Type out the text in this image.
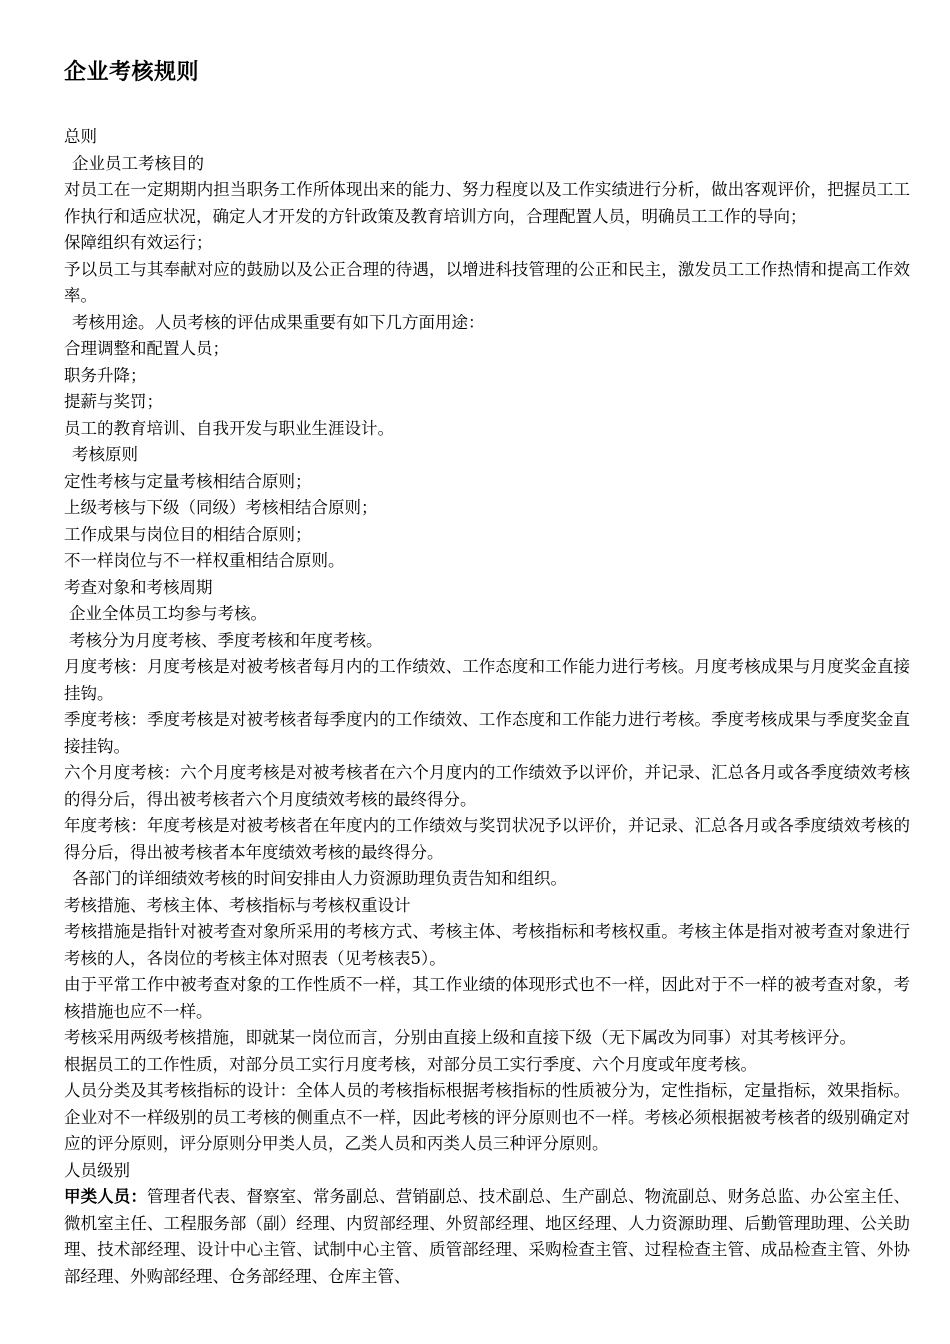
企业考核规则

总则

企业员工考核目的

对员工在一定期期内担当职务工作所体现出来的能力、努力程度以及工作实绩进行分析，做出客观评价，把握员工工作执行和适应状况，确定人才开发的方针政策及教育培训方向，合理配置人员，明确员工工作的导向；

保障组织有效运行；

予以员工与其奉献对应的鼓励以及公正合理的待遇，以增进科技管理的公正和民主，激发员工工作热情和提高工作效率。

考核用途。人员考核的评估成果重要有如下几方面用途：

合理调整和配置人员；

职务升降；

提薪与奖罚；

员工的教育培训、自我开发与职业生涯设计。

考核原则

定性考核与定量考核相结合原则；

上级考核与下级（同级）考核相结合原则；

工作成果与岗位目的相结合原则；

不一样岗位与不一样权重相结合原则。

考查对象和考核周期

企业全体员工均参与考核。

考核分为月度考核、季度考核和年度考核。

月度考核：月度考核是对被考核者每月内的工作绩效、工作态度和工作能力进行考核。月度考核成果与月度奖金直接挂钩。

季度考核：季度考核是对被考核者每季度内的工作绩效、工作态度和工作能力进行考核。季度考核成果与季度奖金直接挂钩。

六个月度考核：六个月度考核是对被考核者在六个月度内的工作绩效予以评价，并记录、汇总各月或各季度绩效考核的得分后，得出被考核者六个月度绩效考核的最终得分。

年度考核：年度考核是对被考核者在年度内的工作绩效与奖罚状况予以评价，并记录、汇总各月或各季度绩效考核的得分后，得出被考核者本年度绩效考核的最终得分。

各部门的详细绩效考核的时间安排由人力资源助理负责告知和组织。

考核措施、考核主体、考核指标与考核权重设计

考核措施是指针对被考查对象所采用的考核方式、考核主体、考核指标和考核权重。考核主体是指对被考查对象进行考核的人，各岗位的考核主体对照表（见考核表5）。

由于平常工作中被考查对象的工作性质不一样，其工作业绩的体现形式也不一样，因此对于不一样的被考查对象，考核措施也应不一样。

考核采用两级考核措施，即就某一岗位而言，分别由直接上级和直接下级（无下属改为同事）对其考核评分。

根据员工的工作性质，对部分员工实行月度考核，对部分员工实行季度、六个月度或年度考核。

人员分类及其考核指标的设计：全体人员的考核指标根据考核指标的性质被分为，定性指标，定量指标，效果指标。企业对不一样级别的员工考核的侧重点不一样，因此考核的评分原则也不一样。考核必须根据被考核者的级别确定对应的评分原则，评分原则分甲类人员，乙类人员和丙类人员三种评分原则。

人员级别

甲类人员：管理者代表、督察室、常务副总、营销副总、技术副总、生产副总、物流副总、财务总监、办公室主任、微机室主任、工程服务部（副）经理、内贸部经理、外贸部经理、地区经理、人力资源助理、后勤管理助理、公关助理、技术部经理、设计中心主管、试制中心主管、质管部经理、采购检查主管、过程检查主管、成品检查主管、外协部经理、外购部经理、仓务部经理、仓库主管、
